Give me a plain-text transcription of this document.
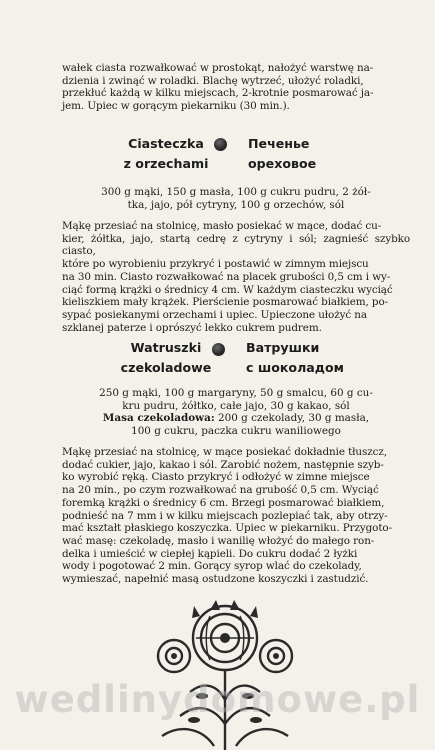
wałek ciasta rozwałkować w prostokąt, nałożyć warstwę na-
dzienia i zwinąć w roladki. Blachę wytrzeć, ułożyć roladki,
przekłuć każdą w kilku miejscach, 2-krotnie posmarować ja-
jem. Upiec w gorącym piekarniku (30 min.).

Ciasteczka
z orzechami
Печенье
ореховое

300 g mąki, 150 g masła, 100 g cukru pudru, 2 żół-
tka, jajo, pół cytryny, 100 g orzechów, sól

Mąkę przesiać na stolnicę, masło posiekać w mące, dodać cu-
kier, żółtka, jajo, startą cedrę z cytryny i sól; zagnieść szybko ciasto,
które po wyrobieniu przykryć i postawić w zimnym miejscu
na 30 min. Ciasto rozwałkować na placek grubości 0,5 cm i wy-
ciąć formą krążki o średnicy 4 cm. W każdym ciasteczku wyciąć
kieliszkiem mały krążek. Pierścienie posmarować białkiem, po-
sypać posiekanymi orzechami i upiec. Upieczone ułożyć na
szklanej paterze i oprószyć lekko cukrem pudrem.

Watruszki
czekoladowe
Ватрушки
с шоколадом

250 g mąki, 100 g margaryny, 50 g smalcu, 60 g cu-
kru pudru, żółtko, całe jajo, 30 g kakao, sól
Masa czekoladowa: 200 g czekolady, 30 g masła,
100 g cukru, paczka cukru waniliowego

Mąkę przesiać na stolnicę, w mące posiekać dokładnie tłuszcz,
dodać cukier, jajo, kakao i sól. Zarobić nożem, następnie szyb-
ko wyrobić ręką. Ciasto przykryć i odłożyć w zimne miejsce
na 20 min., po czym rozwałkować na grubość 0,5 cm. Wyciąć
foremką krążki o średnicy 6 cm. Brzegi posmarować białkiem,
podnieść na 7 mm i w kilku miejscach pozlepiać tak, aby otrzy-
mać kształt płaskiego koszyczka. Upiec w piekarniku. Przygoto-
wać masę: czekoladę, masło i wanilię włożyć do małego ron-
delka i umieścić w ciepłej kąpieli. Do cukru dodać 2 łyżki
wody i pogotować 2 min. Gorący syrop wlać do czekolady,
wymieszać, napełnić masą ostudzone koszyczki i zastudzić.

wedlinydomowe.pl
